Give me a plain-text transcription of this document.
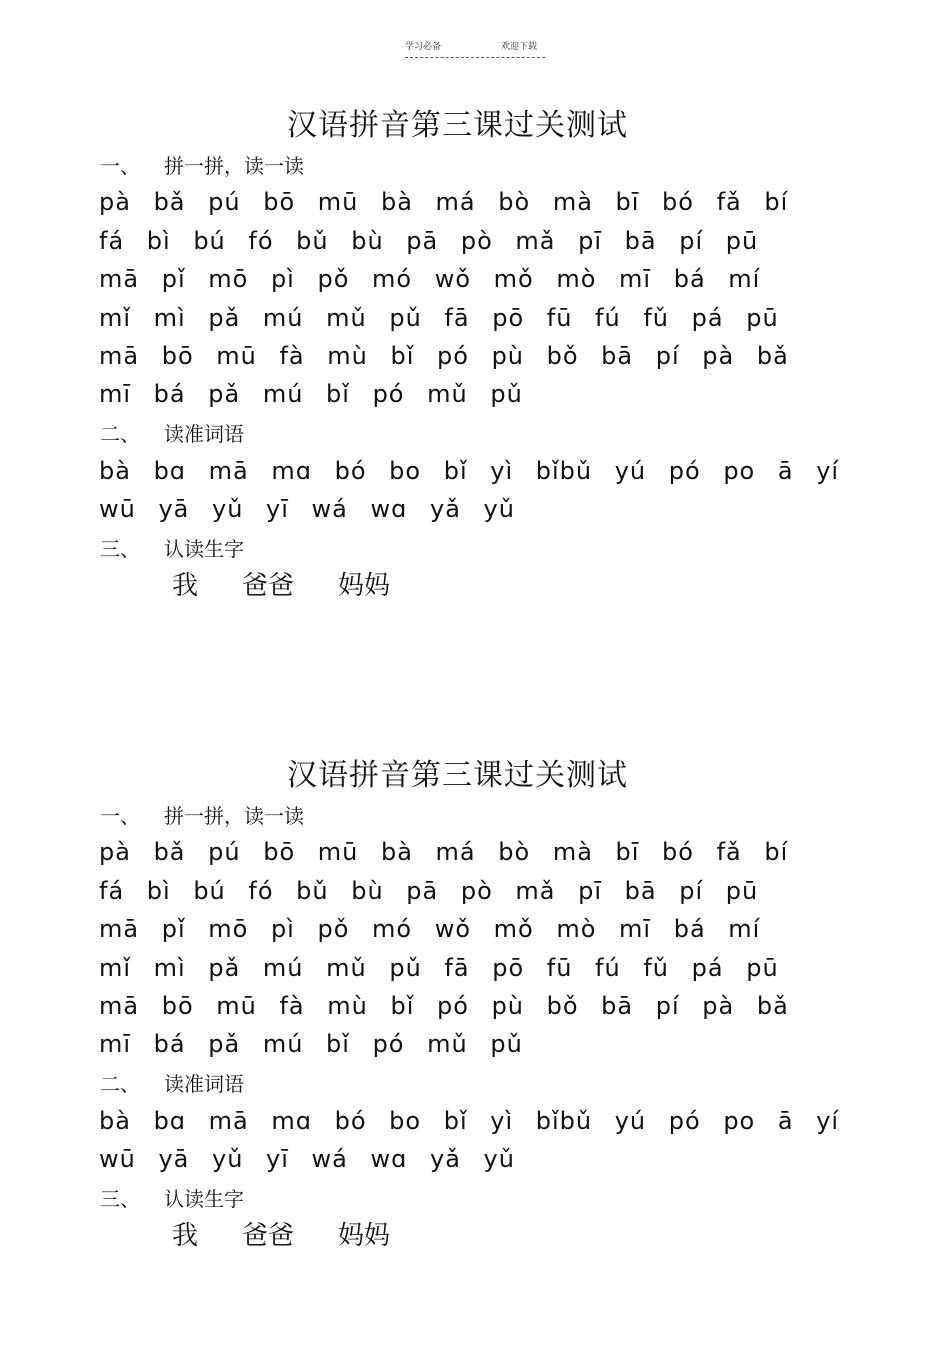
学习必备	欢迎下载
汉语拼音第三课过关测试
一、 拼一拼，读一读
pà bǎ pú bō mū bà má bò mà bī bó fǎ bí
fá bì bú fó bǔ bù pā pò mǎ pī bā pí pū
mā pǐ mō pì pǒ mó wǒ mǒ mò mī bá mí
mǐ mì pǎ mú mǔ pǔ fā pō fū fú fǔ pá pū
mā bō mū fà mù bǐ pó pù bǒ bā pí pà bǎ
mī bá pǎ mú bǐ pó mǔ pǔ
二、 读准词语
bà bɑ mā mɑ bó bo bǐ yì bǐbǔ yú pó po ā yí
wū yā yǔ yī wá wɑ yǎ yǔ
三、 认读生字
我 爸爸 妈妈
汉语拼音第三课过关测试
一、 拼一拼，读一读
pà bǎ pú bō mū bà má bò mà bī bó fǎ bí
fá bì bú fó bǔ bù pā pò mǎ pī bā pí pū
mā pǐ mō pì pǒ mó wǒ mǒ mò mī bá mí
mǐ mì pǎ mú mǔ pǔ fā pō fū fú fǔ pá pū
mā bō mū fà mù bǐ pó pù bǒ bā pí pà bǎ
mī bá pǎ mú bǐ pó mǔ pǔ
二、 读准词语
bà bɑ mā mɑ bó bo bǐ yì bǐbǔ yú pó po ā yí
wū yā yǔ yī wá wɑ yǎ yǔ
三、 认读生字
我 爸爸 妈妈
